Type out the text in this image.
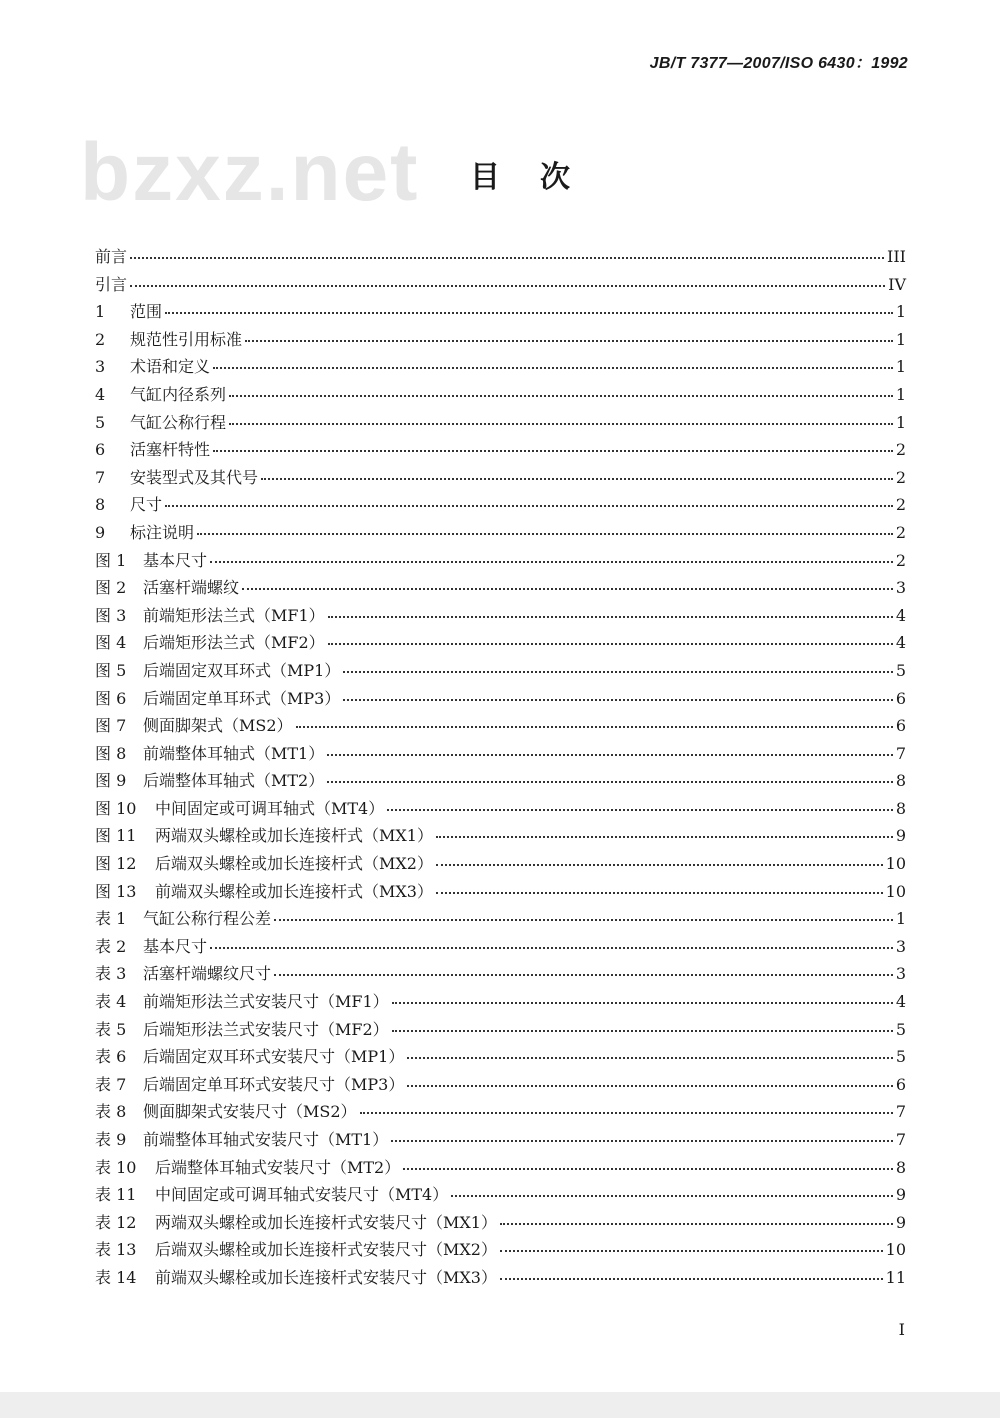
JB/T 7377—2007/ISO 6430：1992
bzxz.net 目次
前言	III
引言	IV
1	范围	1
2	规范性引用标准	1
3	术语和定义	1
4	气缸内径系列	1
5	气缸公称行程	1
6	活塞杆特性	2
7	安装型式及其代号	2
8	尺寸	2
9	标注说明	2
图 1	基本尺寸	2
图 2	活塞杆端螺纹	3
图 3	前端矩形法兰式（MF1）	4
图 4	后端矩形法兰式（MF2）	4
图 5	后端固定双耳环式（MP1）	5
图 6	后端固定单耳环式（MP3）	6
图 7	侧面脚架式（MS2）	6
图 8	前端整体耳轴式（MT1）	7
图 9	后端整体耳轴式（MT2）	8
图 10	中间固定或可调耳轴式（MT4）	8
图 11	两端双头螺栓或加长连接杆式（MX1）	9
图 12	后端双头螺栓或加长连接杆式（MX2）	10
图 13	前端双头螺栓或加长连接杆式（MX3）	10
表 1	气缸公称行程公差	1
表 2	基本尺寸	3
表 3	活塞杆端螺纹尺寸	3
表 4	前端矩形法兰式安装尺寸（MF1）	4
表 5	后端矩形法兰式安装尺寸（MF2）	5
表 6	后端固定双耳环式安装尺寸（MP1）	5
表 7	后端固定单耳环式安装尺寸（MP3）	6
表 8	侧面脚架式安装尺寸（MS2）	7
表 9	前端整体耳轴式安装尺寸（MT1）	7
表 10	后端整体耳轴式安装尺寸（MT2）	8
表 11	中间固定或可调耳轴式安装尺寸（MT4）	9
表 12	两端双头螺栓或加长连接杆式安装尺寸（MX1）	9
表 13	后端双头螺栓或加长连接杆式安装尺寸（MX2）	10
表 14	前端双头螺栓或加长连接杆式安装尺寸（MX3）	11
I
